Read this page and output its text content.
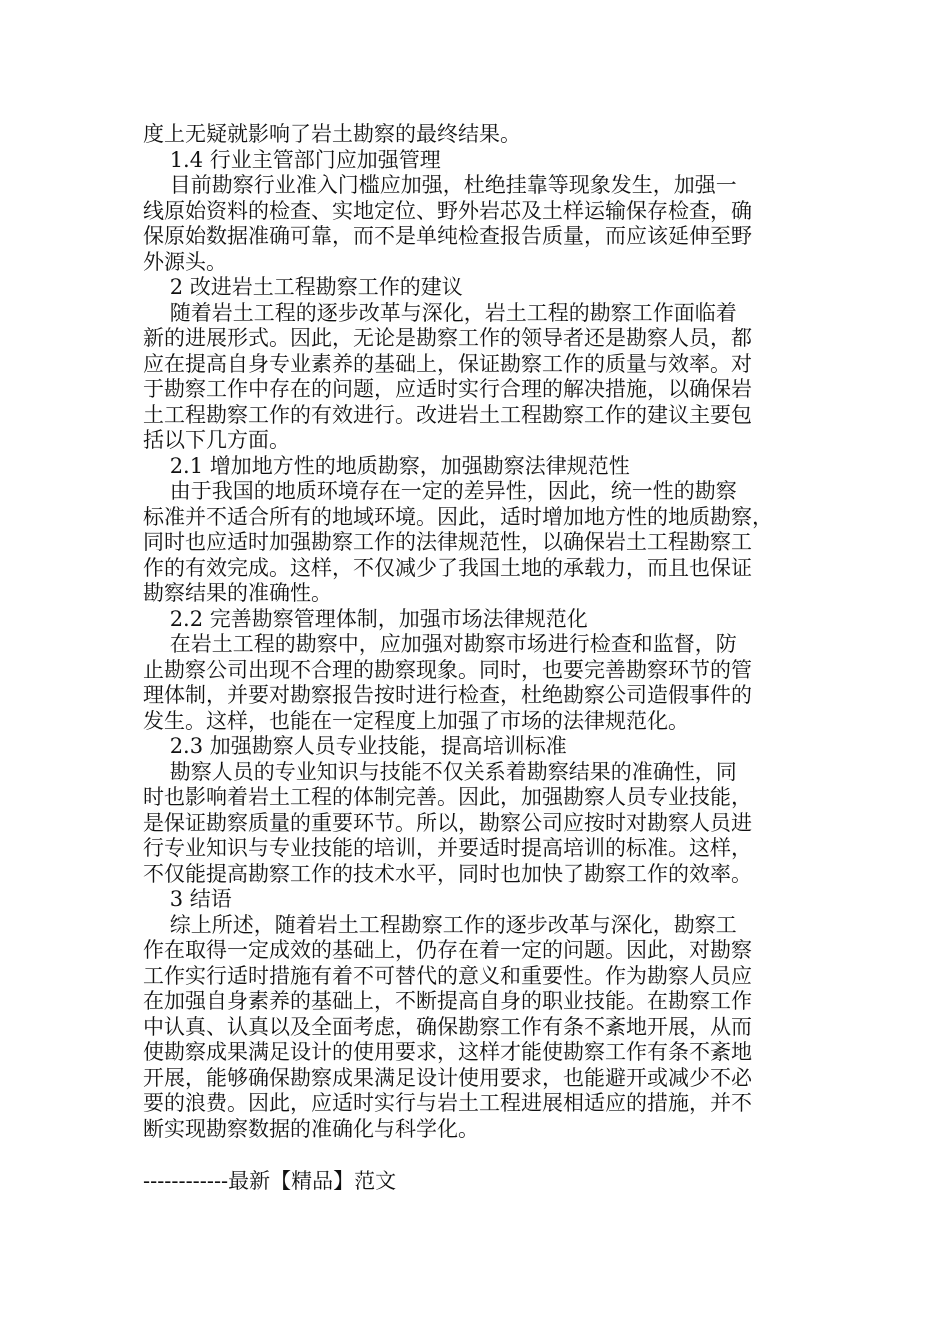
度上无疑就影响了岩土勘察的最终结果。
1.4 行业主管部门应加强管理
目前勘察行业准入门槛应加强，杜绝挂靠等现象发生，加强一
线原始资料的检查、实地定位、野外岩芯及土样运输保存检查，确
保原始数据准确可靠，而不是单纯检查报告质量，而应该延伸至野
外源头。
2 改进岩土工程勘察工作的建议
随着岩土工程的逐步改革与深化，岩土工程的勘察工作面临着
新的进展形式。因此，无论是勘察工作的领导者还是勘察人员，都
应在提高自身专业素养的基础上，保证勘察工作的质量与效率。对
于勘察工作中存在的问题，应适时实行合理的解决措施，以确保岩
土工程勘察工作的有效进行。改进岩土工程勘察工作的建议主要包
括以下几方面。
2.1 增加地方性的地质勘察，加强勘察法律规范性
由于我国的地质环境存在一定的差异性，因此，统一性的勘察
标准并不适合所有的地域环境。因此，适时增加地方性的地质勘察，
同时也应适时加强勘察工作的法律规范性，以确保岩土工程勘察工
作的有效完成。这样，不仅减少了我国土地的承载力，而且也保证
勘察结果的准确性。
2.2 完善勘察管理体制，加强市场法律规范化
在岩土工程的勘察中，应加强对勘察市场进行检查和监督，防
止勘察公司出现不合理的勘察现象。同时，也要完善勘察环节的管
理体制，并要对勘察报告按时进行检查，杜绝勘察公司造假事件的
发生。这样，也能在一定程度上加强了市场的法律规范化。
2.3 加强勘察人员专业技能，提高培训标准
勘察人员的专业知识与技能不仅关系着勘察结果的准确性，同
时也影响着岩土工程的体制完善。因此，加强勘察人员专业技能，
是保证勘察质量的重要环节。所以，勘察公司应按时对勘察人员进
行专业知识与专业技能的培训，并要适时提高培训的标准。这样，
不仅能提高勘察工作的技术水平，同时也加快了勘察工作的效率。
3 结语
综上所述，随着岩土工程勘察工作的逐步改革与深化，勘察工
作在取得一定成效的基础上，仍存在着一定的问题。因此，对勘察
工作实行适时措施有着不可替代的意义和重要性。作为勘察人员应
在加强自身素养的基础上，不断提高自身的职业技能。在勘察工作
中认真、认真以及全面考虑，确保勘察工作有条不紊地开展，从而
使勘察成果满足设计的使用要求，这样才能使勘察工作有条不紊地
开展，能够确保勘察成果满足设计使用要求，也能避开或减少不必
要的浪费。因此，应适时实行与岩土工程进展相适应的措施，并不
断实现勘察数据的准确化与科学化。
------------最新【精品】范文
